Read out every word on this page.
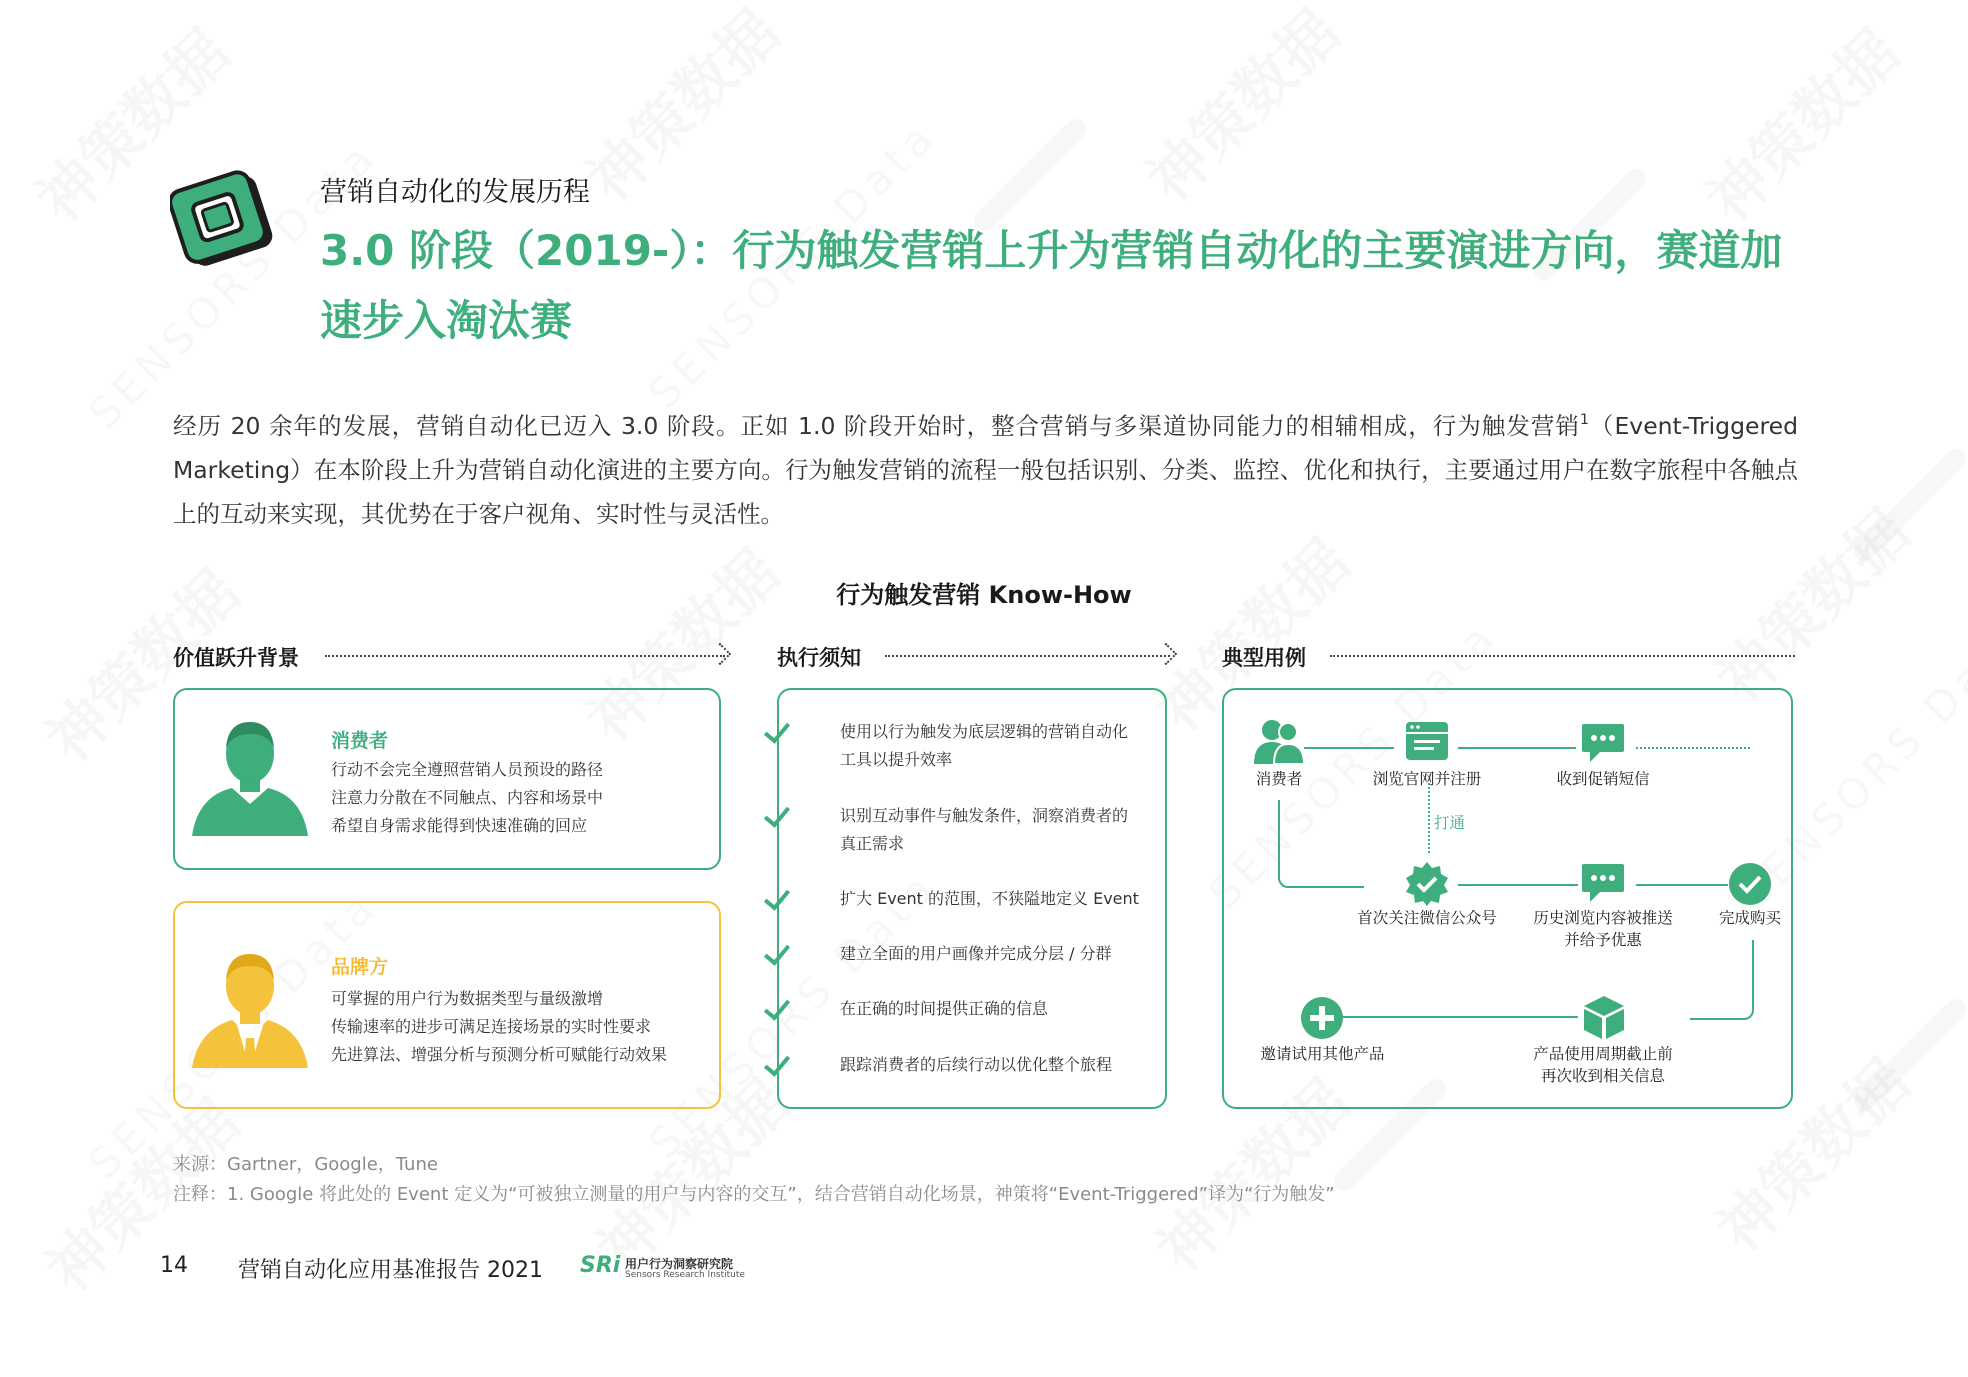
营销自动化的发展历程
3.0 阶段（2019-）：行为触发营销上升为营销自动化的主要演进方向，赛道加速步入淘汰赛
经历 20 余年的发展，营销自动化已迈入 3.0 阶段。正如 1.0 阶段开始时，整合营销与多渠道协同能力的相辅相成，行为触发营销$^1$（Event-Triggered Marketing）在本阶段上升为营销自动化演进的主要方向。行为触发营销的流程一般包括识别、分类、监控、优化和执行，主要通过用户在数字旅程中各触点上的互动来实现，其优势在于客户视角、实时性与灵活性。
行为触发营销 Know-How
价值跃升背景	执行须知	典型用例
消费者
行动不会完全遵照营销人员预设的路径
注意力分散在不同触点、内容和场景中
希望自身需求能得到快速准确的回应
品牌方
可掌握的用户行为数据类型与量级激增
传输速率的进步可满足连接场景的实时性要求
先进算法、增强分析与预测分析可赋能行动效果
使用以行为触发为底层逻辑的营销自动化
工具以提升效率
识别互动事件与触发条件，洞察消费者的
真正需求
扩大 Event 的范围，不狭隘地定义 Event
建立全面的用户画像并完成分层 / 分群
在正确的时间提供正确的信息
跟踪消费者的后续行动以优化整个旅程
消费者	浏览官网并注册	收到促销短信
打通
首次关注微信公众号	历史浏览内容被推送
并给予优惠
完成购买
邀请试用其他产品	产品使用周期截止前
再次收到相关信息
来源：Gartner，Google，Tune
注释：1. Google 将此处的 Event 定义为“可被独立测量的用户与内容的交互”，结合营销自动化场景，神策将“Event-Triggered”译为“行为触发”
14 营销自动化应用基准报告 2021 SRi 用户行为洞察研究院
Sensors Research Institute
